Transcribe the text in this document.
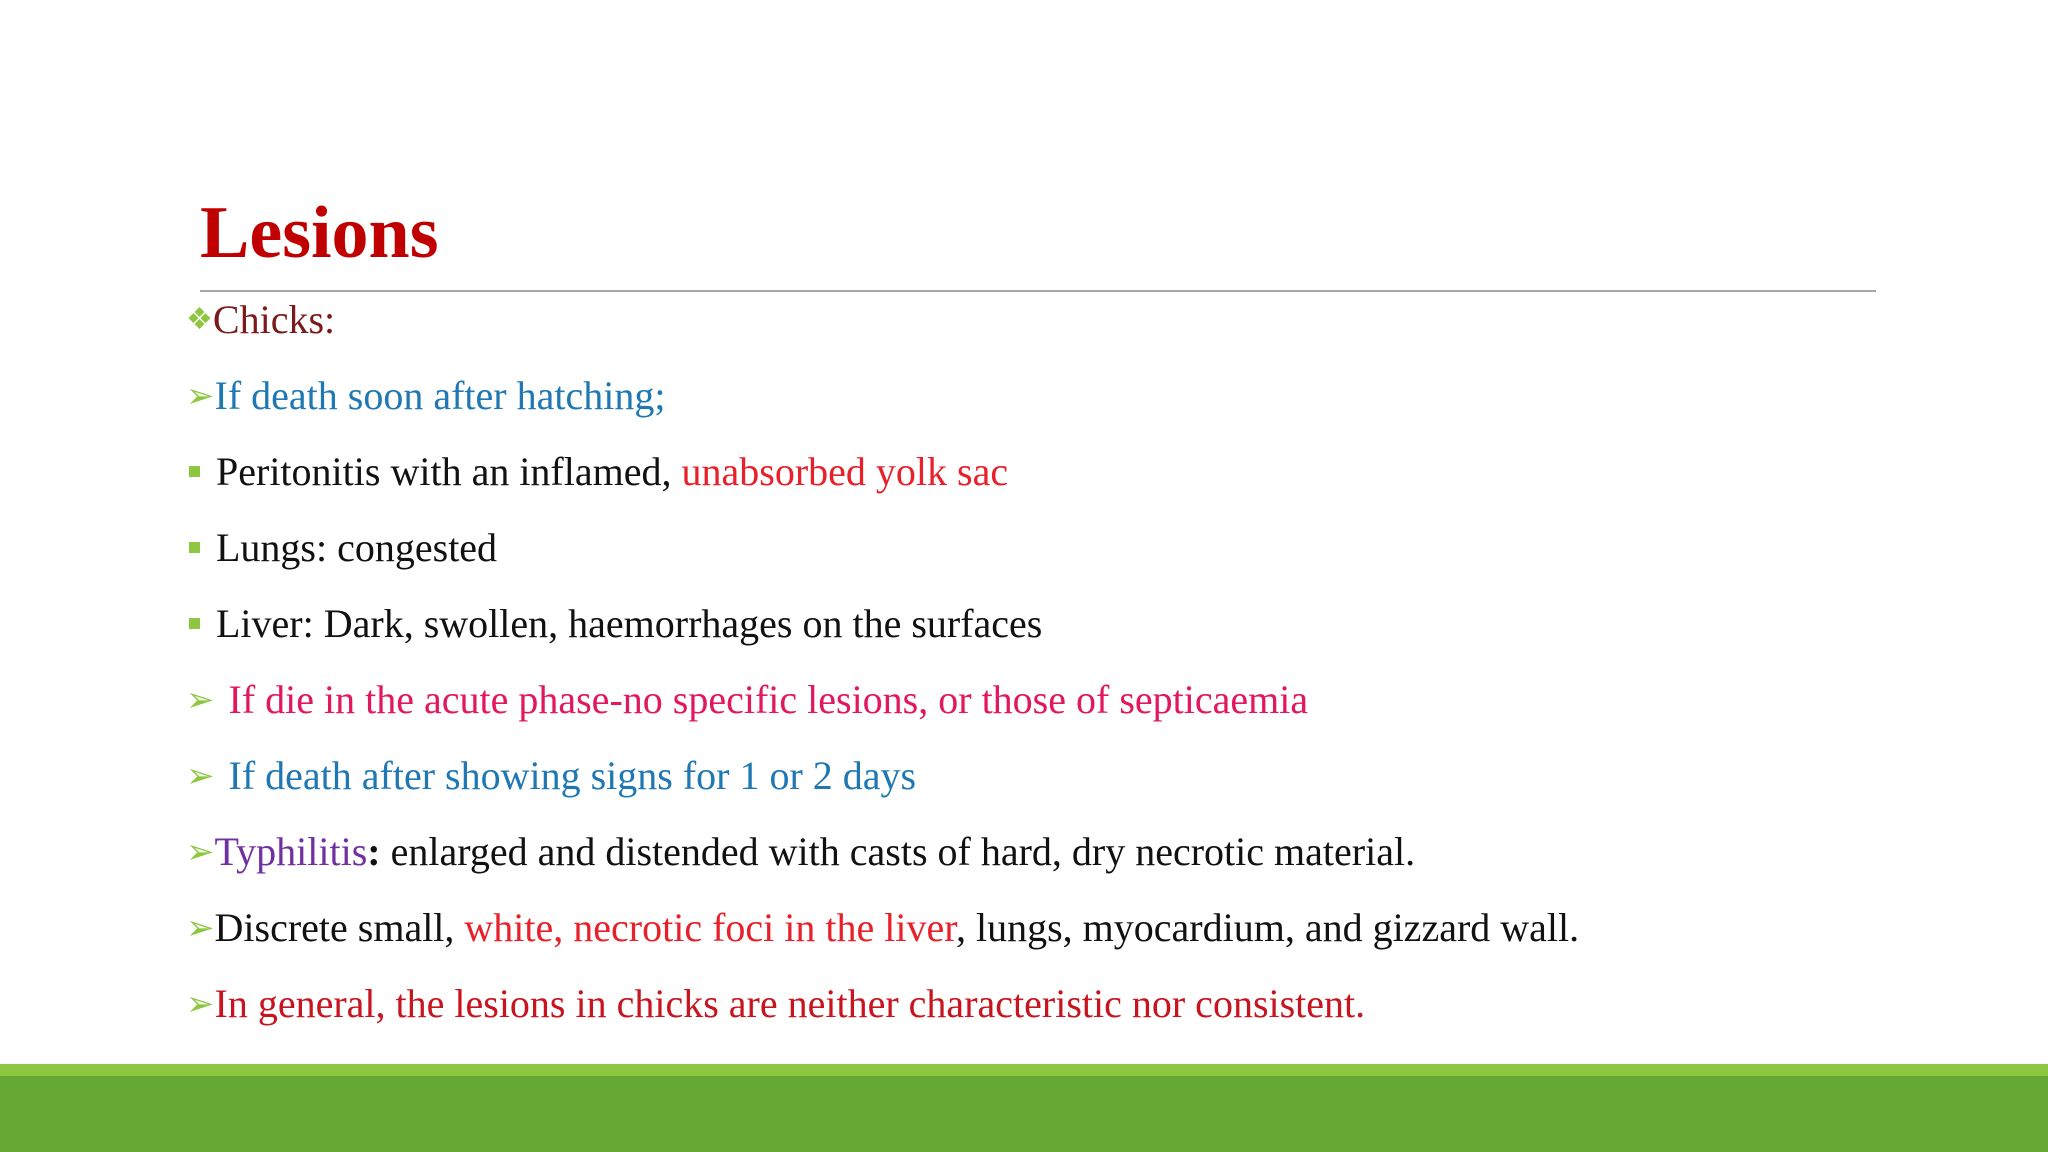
Lesions
❖Chicks:
➢If death soon after hatching;
Peritonitis with an inflamed, unabsorbed yolk sac
Lungs: congested
Liver: Dark, swollen, haemorrhages on the surfaces
➢ If die in the acute phase-no specific lesions, or those of septicaemia
➢ If death after showing signs for 1 or 2 days
➢Typhilitis: enlarged and distended with casts of hard, dry necrotic material.
➢Discrete small, white, necrotic foci in the liver, lungs, myocardium, and gizzard wall.
➢In general, the lesions in chicks are neither characteristic nor consistent.
